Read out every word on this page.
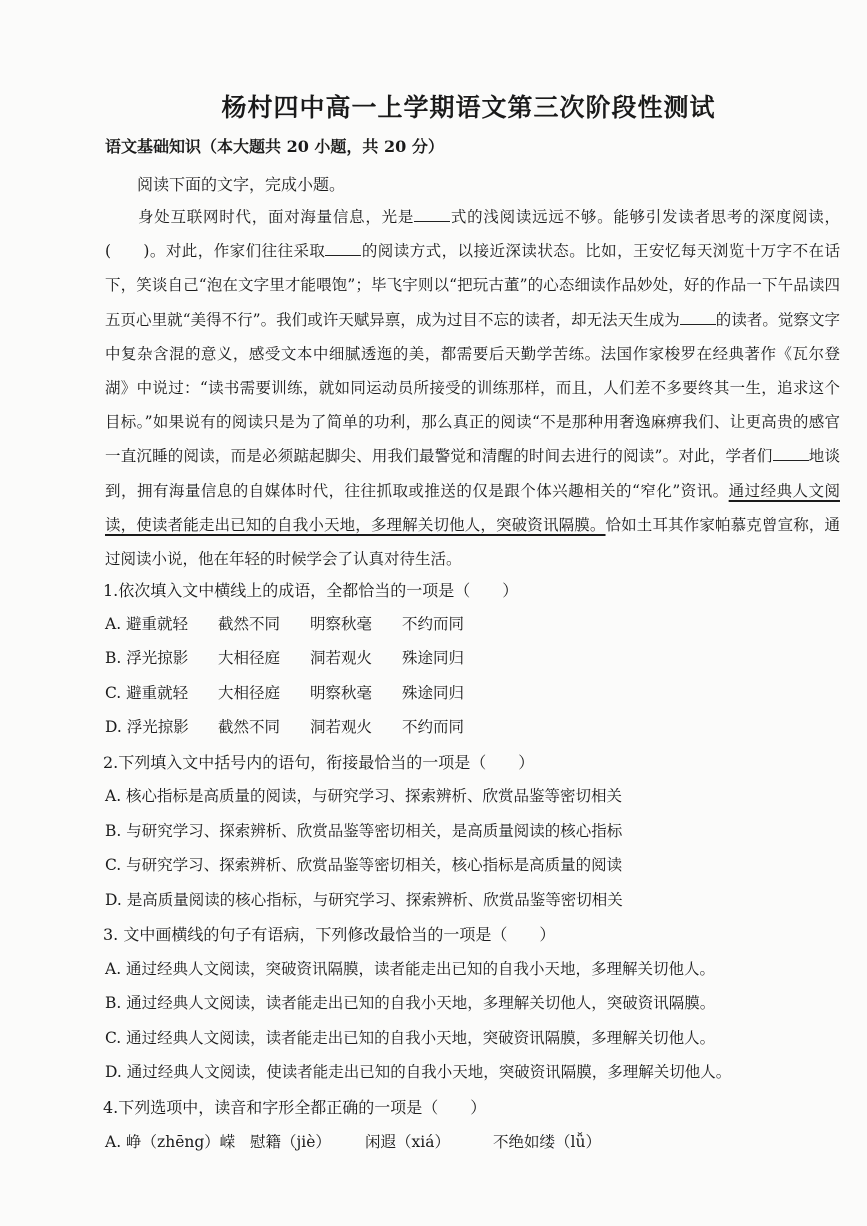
杨村四中高一上学期语文第三次阶段性测试
语文基础知识（本大题共 20 小题，共 20 分）
阅读下面的文字，完成小题。

身处互联网时代，面对海量信息，光是 式的浅阅读远远不够。能够引发读者思考的深度阅读，(　　)。对此，作家们往往采取 的阅读方式，以接近深读状态。比如，王安忆每天浏览十万字不在话下，笑谈自己“泡在文字里才能喂饱”；毕飞宇则以“把玩古董”的心态细读作品妙处，好的作品一下午品读四五页心里就“美得不行”。我们或许天赋异禀，成为过目不忘的读者，却无法天生成为 的读者。觉察文字中复杂含混的意义，感受文本中细腻透迤的美，都需要后天勤学苦练。法国作家梭罗在经典著作《瓦尔登湖》中说过：“读书需要训练，就如同运动员所接受的训练那样，而且，人们差不多要终其一生，追求这个目标。”如果说有的阅读只是为了简单的功利，那么真正的阅读“不是那种用奢逸麻痹我们、让更高贵的感官一直沉睡的阅读，而是必须踮起脚尖、用我们最警觉和清醒的时间去进行的阅读”。对此，学者们 地谈到，拥有海量信息的自媒体时代，往往抓取或推送的仅是跟个体兴趣相关的“窄化”资讯。通过经典人文阅读，使读者能走出已知的自我小天地，多理解关切他人，突破资讯隔膜。恰如土耳其作家帕慕克曾宣称，通过阅读小说，他在年轻的时候学会了认真对待生活。

1.依次填入文中横线上的成语，全都恰当的一项是（　　）
A. 避重就轻 截然不同 明察秋毫 不约而同
B. 浮光掠影 大相径庭 洞若观火 殊途同归
C. 避重就轻 大相径庭 明察秋毫 殊途同归
D. 浮光掠影 截然不同 洞若观火 不约而同
2.下列填入文中括号内的语句，衔接最恰当的一项是（　　）
A. 核心指标是高质量的阅读，与研究学习、探索辨析、欣赏品鉴等密切相关
B. 与研究学习、探索辨析、欣赏品鉴等密切相关，是高质量阅读的核心指标
C. 与研究学习、探索辨析、欣赏品鉴等密切相关，核心指标是高质量的阅读
D. 是高质量阅读的核心指标，与研究学习、探索辨析、欣赏品鉴等密切相关
3. 文中画横线的句子有语病，下列修改最恰当的一项是（　　）
A. 通过经典人文阅读，突破资讯隔膜，读者能走出已知的自我小天地，多理解关切他人。
B. 通过经典人文阅读，读者能走出已知的自我小天地，多理解关切他人，突破资讯隔膜。
C. 通过经典人文阅读，读者能走出已知的自我小天地，突破资讯隔膜，多理解关切他人。
D. 通过经典人文阅读，使读者能走出已知的自我小天地，突破资讯隔膜，多理解关切他人。
4.下列选项中，读音和字形全都正确的一项是（　　）
A. 峥（zhēng）嵘 慰籍（jiè） 闲遐（xiá）	不绝如缕（lǚ）
